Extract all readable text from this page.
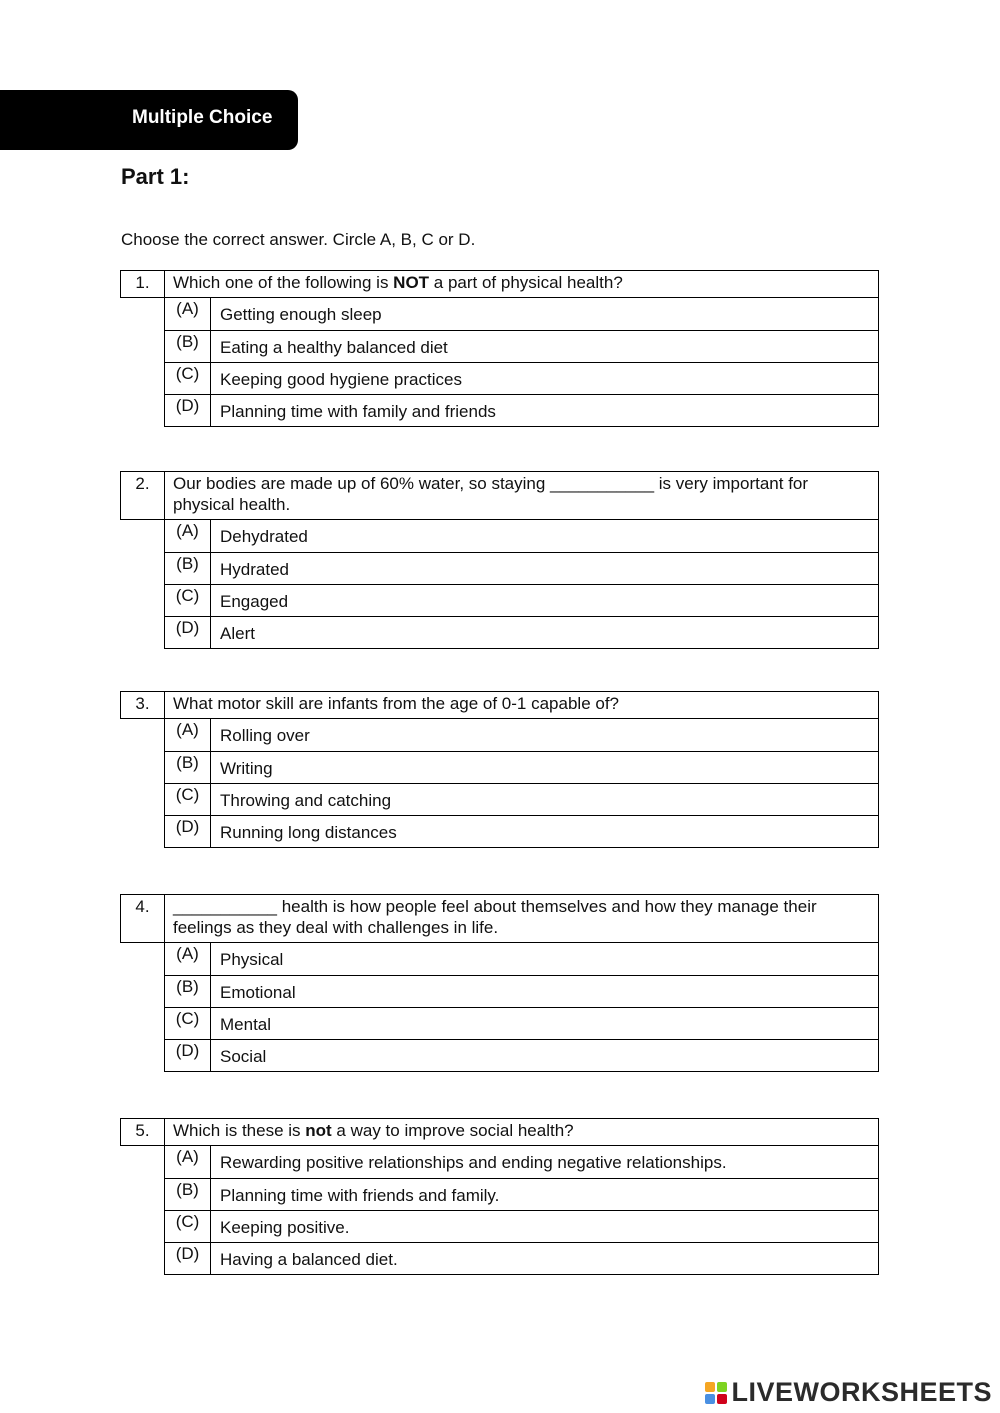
Multiple Choice
Part 1:
Choose the correct answer. Circle A, B, C or D.
1.	Which one of the following is NOT a part of physical health?
(A)	Getting enough sleep
(B)	Eating a healthy balanced diet
(C)	Keeping good hygiene practices
(D)	Planning time with family and friends
2.	Our bodies are made up of 60% water, so staying ___________ is very important for physical health.
(A)	Dehydrated
(B)	Hydrated
(C)	Engaged
(D)	Alert
3.	What motor skill are infants from the age of 0-1 capable of?
(A)	Rolling over
(B)	Writing
(C)	Throwing and catching
(D)	Running long distances
4.	___________ health is how people feel about themselves and how they manage their feelings as they deal with challenges in life.
(A)	Physical
(B)	Emotional
(C)	Mental
(D)	Social
5.	Which is these is not a way to improve social health?
(A)	Rewarding positive relationships and ending negative relationships.
(B)	Planning time with friends and family.
(C)	Keeping positive.
(D)	Having a balanced diet.
LIVEWORKSHEETS
